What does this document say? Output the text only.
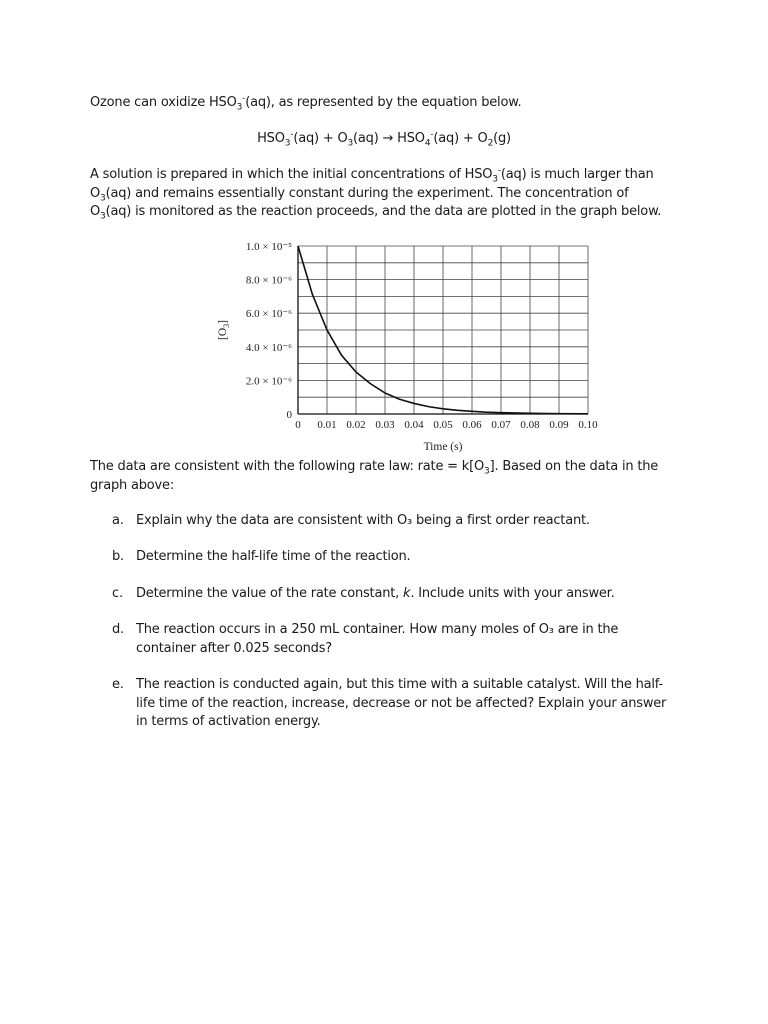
Ozone can oxidize $HSO_3^-(aq)$, as represented by the equation below.
$HSO_3^-(aq) + O_3(aq) \to HSO_4^-(aq) + O_2(g)$

A solution is prepared in which the initial concentrations of $HSO_3^-(aq)$ is much larger than

$O_3(aq)$ and remains essentially constant during the experiment. The concentration of

$O_3(aq)$ is monitored as the reaction proceeds, and the data are plotted in the graph below.

0 0.01 0.02 0.03 0.04 0.05 0.06 0.07 0.08 0.09 0.10
0
2.0 × 10⁻⁶
4.0 × 10⁻⁶
6.0 × 10⁻⁶
8.0 × 10⁻⁶
1.0 × 10⁻⁵
Time (s)
$[O_3]$

The data are consistent with the following rate law: rate = $k[O_3]$. Based on the data in the

graph above:

a. Explain why the data are consistent with O₃ being a first order reactant.
b. Determine the half-life time of the reaction.
c.	Determine the value of the rate constant, k. Include units with your answer.
d. The reaction occurs in a 250 mL container. How many moles of O₃ are in the
container after 0.025 seconds?
e. The reaction is conducted again, but this time with a suitable catalyst. Will the half-
life time of the reaction, increase, decrease or not be affected? Explain your answer
in terms of activation energy.
